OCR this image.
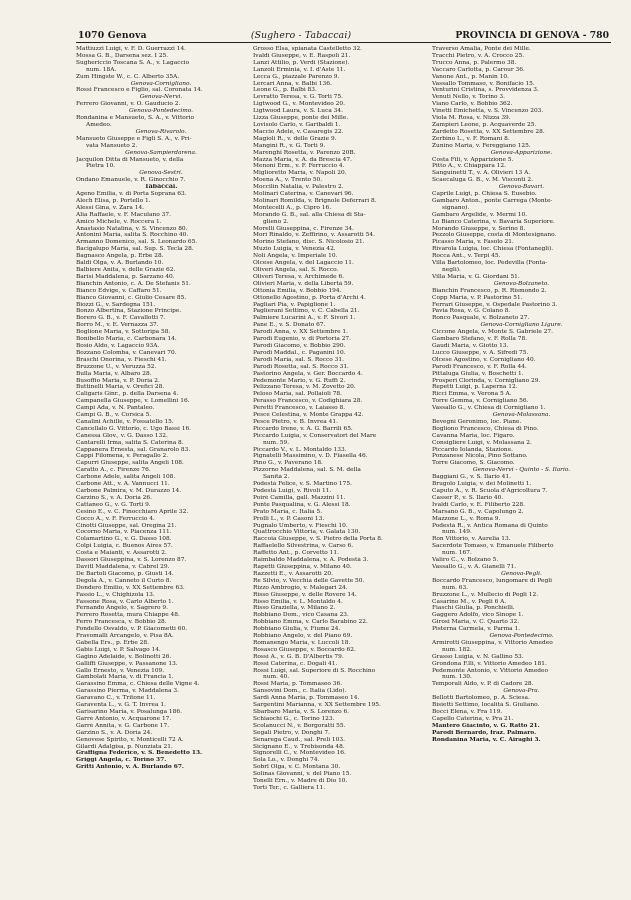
1070 Genova	(Sughero - Tabaccai)	PROVINCIA DI GENOVA - 780
Mattiuzzi Luigi, v. F. D. Guerrazzi 14.
Mossa G. B., Darsena sez. I 25.
Sughericcio Toscana S. A., v. Lagaccio
num. 18A.
Zum Hingste W., c. C. Alberto 35A.
Genova-Cornigliano.
Rossi Francesco e Figlio, sal. Coronata 14.
Genova-Nervi.
Ferrero Giovanni, v. O. Gauducio 2.
Genova-Pontedecimo.
Rondanina e Mansueto, S. A., v. Vittorio
Amedeo.
Genova-Rivarolo.
Mansueto Giuseppe e Figli S. A., v. Pri-
vata Mansueto 2.
Genova-Sampierdarena.
Jacquilon Ditta di Mansueto, v. della
Pietra 10.
Genova-Sestri.
Ondano Emanuele, v. R. Ginocchio 7.
Tabaccai.
Ageno Emilia, v. di Porta Soprana 63.
Alech Elisa, p. Portello 1.
Alessi Gina, v. Zara 14.
Alia Raffaele, v. F. Maculano 37.
Amico Michele, v. Roccera 1.
Anastasio Natalina, v. S. Vincenzo 80.
Antonini Maria, salita S. Rocchino 40.
Armanno Domenico, sal. S. Leonardo 65.
Bacigalupo Maria, sal. Sup. S. Tecla 28.
Bagnasco Angela, p. Erbe 28.
Baldi Olga, v. A. Burlando 10.
Balbiere Anita, v. delle Grazie 62.
Barisi Maddalena, p. Sarzano 40.
Bianchin Antonio, c. A. De Stefanis 51.
Bianco Edvige, v. Caffaro 51.
Bianco Giovanni, c. Giulio Cesare 85.
Biozzi G., v. Sardegna 151.
Bonzo Albertina, Stazione Principe.
Borero G. B., v. F. Cavallotti 7.
Borro M., v. E. Vernazza 37.
Boglione Maria, v. Sottoripa 58.
Bonibello Maria, c. Carbonara 14.
Bosio Aldo, v. Lagaccio 93A.
Bozzano Colomba, v. Canevari 70.
Braschi Onorina, v. Fieschi 41.
Bruzzone U., v. Veruzza 52.
Bulla Maria, v. Albaro 28.
Busoffio Maria, v. P. Doria 2.
Buttinelli Maria, v. Orefici 28.
Caligaris Ginr., p. della Darsena 4.
Campanella Giuseppe, v. Lomellini 16.
Campi Ada, v. N. Pantaleo.
Campi G. B., v. Corsica 5.
Canalini Achille, v. Fossatello 15.
Cancellalo G. Vittorio, c. Ugo Bassi 16.
Canessa Glov., v. G. Dasso 132.
Cantarelli Irma, salita S. Caterina 8.
Cappanera Ernesta, sal. Granarolo 83.
Cappi Filomena, v. Peragallo 2.
Capurri Giuseppe, salita Angeli 108.
Caratto A., c. Firenze 76.
Carbone Adele, salita Angeli 108.
Carbone Att., v. A. Vannucci 11.
Carbone Palmira, v. M. Durazzo 14.
Carzino S., v. A. Doria 26.
Cattaneo G., v. G. Torti 9.
Cesino E., v. C. Finocchiaro Aprile 32.
Cocco A., v. F. Ferruccio 4.
Cinotti Giuseppe, sal. Oregina 21.
Cocorno Maria, v. Piacenza 111.
Colamartino G., v. G. Dasso 108.
Colpi Luigia, c. Buenos Aires 57.
Costa e Maianti, v. Assarotti 2.
Dassori Giuseppina, v. S. Lorenzo 87.
Davitl Maddalena, v. Cabrel 29.
De Bartoli Giacomo, p. Giusti 14.
Degola A., v. Canneto il Curto 8.
Dondero Emilio, v. XX Settembre 63.
Fassio L., v. Chighizola 13.
Fassone Rosa, v. Carlo Alberto 1.
Fernando Angelo, v. Sagrero 9.
Ferrero Rosetta, mura Chiappe 48.
Ferro Francesca, v. Bobbio 28.
Fondello Osvaldo, v. P. Giacometti 60.
Fravomalli Arcangelo, v. Pisa 8A.
Gabella Ers., p. Erbe 28.
Gabis Luigi, v. P. Salvago 14.
Gagino Adelaide, v. Bolinotti 26.
Galliffi Giuseppe, v. Passanone 13.
Gallo Ernesto, v. Venezia 109.
Gambolati Maria, v. di Francia 1.
Garassino Emma, c. Chiesa delle Vigne 4.
Garassino Pierma, v. Maddalena 3.
Garavano C., v. Tritone 11.
Garaventa L., v. G. T. Invrea 1.
Garisarino Maria, v. Posalunga 186.
Garrè Antonio, v. Acquarone 17.
Garrè Annita, v. G. Carbone 17.
Garzino S., v. A. Doria 24.
Genovese Spirito, v. Monticelli 72 A.
Gilardi Adalgisa, p. Nunziata 21.
Graffigna Federico, v. S. Benedetto 13.
Griggi Angela, c. Torino 37.
Gritti Antonio, v. A. Burlando 67.
Grosso Elsa, spianata Castelletto 32.
Ivaldi Giuseppe, v. E. Raspoli 21.
Lanzi Attilio, p. Verdi (Stazione).
Lanzoli Erminia, v. I. d'Aste 11.
Lecca G., piazzale Parenzo 9.
Lercari Anna, v. Balbi 136.
Leone G., p. Balbi 83.
Levratto Teresa, v. G. Torti 75.
Ligtwood G., v. Montevideo 20.
Ligtwood Laura, v. S. Luca 34.
Lizza Giuseppe, ponte dei Mille.
Lovisolo Carlo, v. Garibaldi 1.
Maccio Adele, v. Casaregis 22.
Magioli R., v. delle Grazie 9.
Mangini R., v. G. Torti 9.
Marenghi Rosetta, v. Parenzo 20B.
Mazza Maria, v. A. da Brescia 47.
Menoni Erm., v. F. Ferruccio 4.
Miglioretto Maria, v. Napoli 20.
Moena A., v. Trento 50.
Moccilin Natalia, v. Palestro 2.
Molinari Caterina, v. Canevari 96.
Molinari Romilda, v. Brignole Deferrari 8.
Montecelli A., p. Cipro 16.
Morando G. B., sal. alla Chiesa di Sta-
glieno 2.
Morelli Giuseppina, c. Firenze 34.
Mori Rinaldo, v. Zeffirino, v. Assarotti 54.
Morino Stefano, disc. S. Nicolosio 21.
Muzio Luigia, v. Venezia 42.
Noli Angela, v. Imperiale 10.
Olcese Angela, v. del Lagaccio 11.
Oliveri Angela, sal. S. Rocco.
Oliveri Teresa, v. Archimede 6.
Olivieri Maria, v. della Libertà 59.
Ottonia Emilia, v. Bobbio 194.
Ottonello Agostino, p. Porta d'Archi 4.
Pagliari Pia, v. Papiglione 1.
Paglierani Settimo, v. C. Cabella 21.
Palmiere Lucarini A., v. F. Sivori 1.
Pane E., v. S. Donato 67.
Parodi Anna, v. XX Settembre 1.
Parodi Eugenio, v. di Portoria 27.
Parodi Giacomo, v. Bobbio 290.
Parodi Maddal., c. Paganini 10.
Parodi Maria, sal. S. Rocco 31.
Parodi Rosetta, sal. S. Rocco 31.
Pastorino Angela, v. Ger. Boccardo 4.
Pedemonte Mario, v. G. Ruffi 2.
Pelizzano Teresa, v. M. Zovetto 20.
Peloso Maria, sal. Pollaioli 78.
Perasso Francesco, v. Codighiara 28.
Peretti Francesco, v. Laiasso 8.
Pesce Celestina, v. Monte Grappa 42.
Pesce Pietro, v. B. Invrea 41.
Piccardo Irene, v. A. G. Barrili 65.
Piccardo Luigia, v. Conservatori del Mare
num. 59.
Piccardo V., v. L. Montaldo 133.
Pignatelli Massimino, v. D. Fiasella 46.
Pino G., v. Paverano 18.
Pizzorno Maddalena, sal. S. M. della
Sanità 2.
Podestà Felice, v. S. Martino 175.
Podestà Luigi, v. Rivoli 11.
Poirè Camilla, gall. Mazzini 11.
Ponte Pasqualina, v. G. Alessi 18.
Prato Maria, c. Italia 5.
Prolli L., v. P. Casoni 13.
Pugnalo Umberto, v. Fieschi 10.
Quattrocchio Vittoria, v. Galata 130.
Raccoia Giuseppe, v. S. Pietro della Porta 8.
Raffaelello Silvestrina, v. Carso 6.
Raffetto Ant., p. Corvetto 11.
Raimbaldo Maddalena, v. A. Podestà 3.
Rapetti Giuseppina, v. Milano 40.
Razzetti E., v. Assarotti 20.
Re Silvio, v. Vecchia delle Gavette 50.
Rizzo Ambrogio, v. Malegari 24.
Risso Giuseppe, v. delle Rovere 14.
Risso Emilia, v. L. Montaldo 4.
Risso Graziella, v. Milano 2.
Robbiano Dom., vico Casana 23.
Robbiano Emma, v. Carlo Barabino 22.
Robbiano Giulia, v. Fiume 24.
Robbiano Angelo, v. del Piano 69.
Romanengo Maria, v. Luccoli 18.
Rosasco Giuseppe, v. Boccardo 62.
Rossi A., v. G. B. D'Albertis 79.
Rossi Caterina, c. Dogali 41.
Rossi Luigi, sal. Superiore di S. Rocchino
num. 40.
Rossi Maria, p. Tommaseo 36.
Sansovini Dom., c. Italia (Lido).
Sardi Anna Maria, p. Tommaseo 14.
Sargentini Marianna, v. XX Settembre 195.
Sbarbaro Maria, v. S. Lorenzo 6.
Schiaochi G., c. Torino 123.
Scolanucci N., v. Borgoratti 55.
Segali Pietro, v. Donghi 7.
Senarega Caud., sal. Preli 103.
Sicignano E., v. Trebisonda 48.
Signorelli C., v. Montevideo 16.
Sola Lo., v. Donghi 74.
Sobrl Olga, v. C. Montana 30.
Solinas Giovanni, v. del Piano 15.
Tonelli Ern., v. Madre di Dio 10.
Torti Ter., c. Galliera 11.
Traverso Amalia, Ponte dei Mille.
Tracchi Pietro, v. A. Crocco 25.
Trucco Anna, p. Palermo 38.
Vaccaro Carlotta, p. Carour 36.
Vanone Ant., p. Manin 10.
Vassallo Tommaso, v. Bonifacio 15.
Venturini Cristina, s. Provvidenza 3.
Venuti Nello, v. Torino 3.
Viano Carlo, v. Bobbio 362.
Vinetti Emichetta, v. S. Vincenzo 203.
Viola M. Rosa, v. Nizza 39.
Zampieri Leone, p. Acquaverde 25.
Zardetto Rosetta, v. XX Settembre 28.
Zerbino L., v. F. Romani 8.
Zunino Maria, v. Fereggiano 125.
Genova-Apparizione.
Costa Fili, v. Apparizione 5.
Pitto A., v. Chiappara 12.
Sanguinetti T., v. A. Olivieri 13 A.
Scaecaluga G. B., v. M. Visconti 2.
Genova-Bavari.
Caprile Luigi, p. Chiesa S. Eusebio.
Gambaro Anton., ponte Carrega (Monte-
signano).
Gambaro Argelide, v. Mermi 10.
Lo Bianco Caterina, v. Bavaria Superiore.
Morando Giuseppe, v. Serino 8.
Pezzolo Giuseppe, costa di Montesignano.
Picasso Maria, v. Fasolo 21.
Rivarola Luigia, loc. Chiesa (Fontanegli).
Rocca Ant., v. Terpi 45.
Villa Bartolomeo, loc. Pedevilla (Fonta-
negli).
Villa Maria, v. G. Giordani 51.
Genova-Bolzaneto.
Bianchin Francesco, p. R. Rismondo 2.
Copp Maria, v. P. Pastorino 51.
Ferrari Giuseppe, v. Ospedale Pastorino 3.
Pavia Rosa, v. G. Colano 8.
Ronco Pasquale, v. Bolzaneto 27.
Genova-Cornigliano Ligure.
Ciccone Angela, v. Monte S. Gabriele 27.
Gambaro Stefano, v. F. Rolla 78.
Gaudi Maria, v. Giotto 13.
Lucco Giuseppe, v. A. Sifredi 75.
Olcese Agostino, v. Cornigliano 40.
Parodi Francesco, v. F. Rolla 44.
Pittaluga Giulia, v. Boschetti 1.
Prosperi Clorinda, v. Cornigliano 29.
Repetti Luigi, p. Laperna 12.
Ricci Emma, v. Verona 5 A.
Torre Gemma, v. Cornigliano 56.
Vassallo G., v. Chiesa di Cornigliano 1.
Genova-Molassana.
Bevegni Geronimo, loc. Piane.
Bogliono Francesco, Chiesa di Pino.
Cavanna Maria, loc. Figaro.
Consigliere Luigi, v. Molassana 2.
Piccardo Iolanda, Stazione.
Ponzanese Nicola, Pino Sottano.
Torre Giacomo, S. Giacomo.
Genova-Nervi - Quinto - S. Ilario.
Baggiani G., v. S. Ilario 41.
Brugolo Luigia, v. dei Molinetti 1.
Caputo A., v. R. Scuola d'Agricoltura 7.
Casser P., v. S. Ilario 40.
Ivaldi Carlo, v. E. Filiberto 228.
Marsano G. B., v. Capolungo 2.
Mazzone L., v. Roma 9.
Podestà R., v. Antica Romana di Quinto
num. 149.
Ron Vittorio, v. Aurelia 13.
Sacerdote Tomaso, v. Emanuele Filiberto
num. 167.
Valiro C., v. Bolzano 5.
Vassallo G., v. A. Gianelli 71.
Genova-Pegli.
Boccardo Francesco, lungomare di Pegli
num. 63.
Bruzzone L., v. Mullecio di Pegli 12.
Casarino M., v. Pegli 6 A.
Fiaschi Giulia, p. Ponchielli.
Gaggero Adolfo, vico Sinope 1.
Girosi Maria, v. C. Quarto 32.
Pisterna Carmela, v. Parma 1.
Genova-Pontedecimo.
Armirotti Giuseppina, v. Vittorio Amedeo
num. 182.
Grasso Luigia, v. N. Gallino 53.
Grondona F.lli, v. Vittorio Amedeo 181.
Pedemonte Antonio, v. Vittorio Amedeo
num. 130.
Temporali Aldo, v. P. di Cadore 28.
Genova-Pra.
Bellotti Bartolomeo, p. A. Sciesa.
Bisietti Settimo, località S. Giuliano.
Bocci Elena, v. Fra 119.
Capello Caterina, v. Pra 21.
Mantero Giacinto, v. G. Ratto 21.
Parodi Bernardo, fraz. Palmaro.
Rondanina Maria, v. C. Airaghi 3.
